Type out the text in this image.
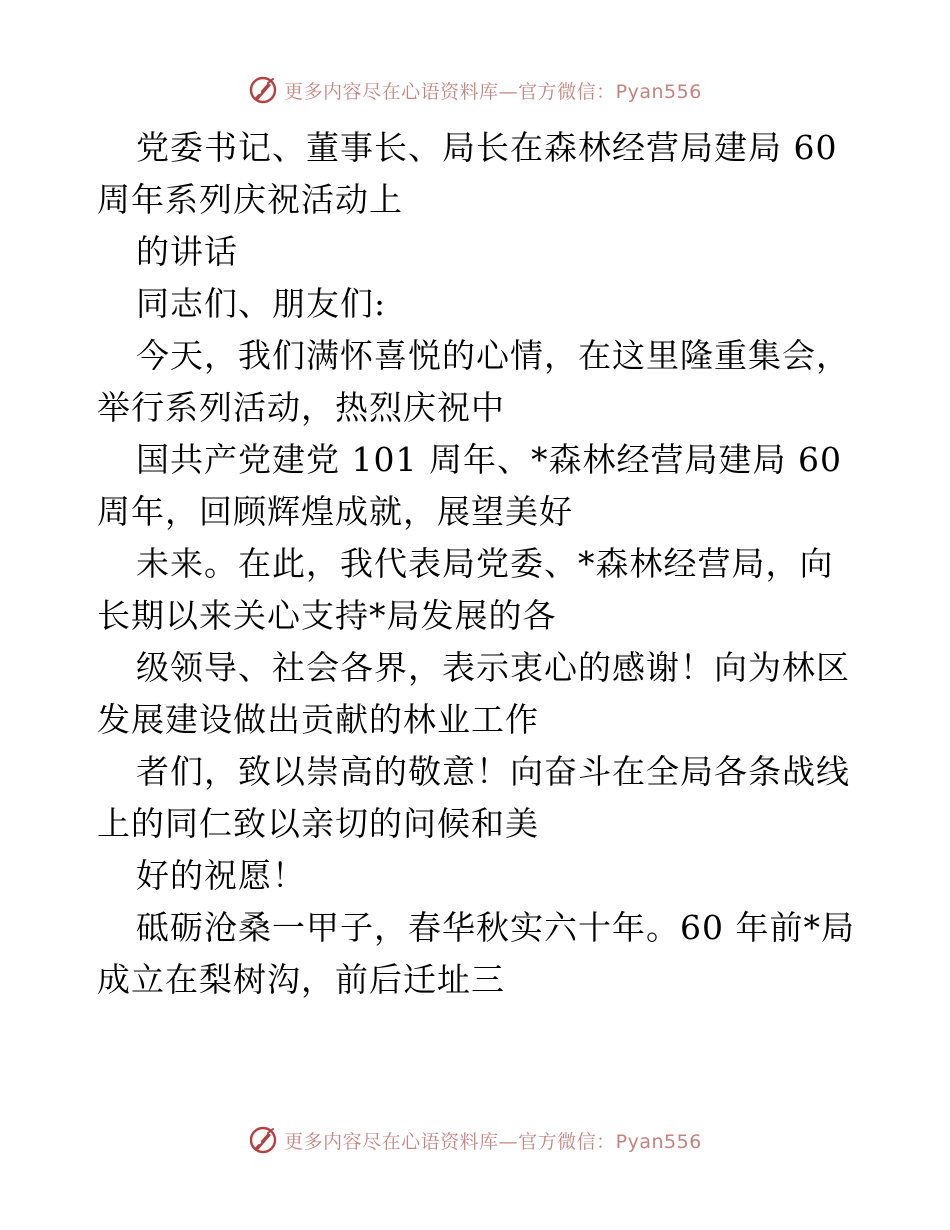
更多内容尽在心语资料库—官方微信：Pyan556
党委书记、董事长、局长在森林经营局建局 60
周年系列庆祝活动上
的讲话
同志们、朋友们:
今天，我们满怀喜悦的心情，在这里隆重集会，
举行系列活动，热烈庆祝中
国共产党建党 101 周年、*森林经营局建局 60
周年，回顾辉煌成就，展望美好
未来。在此，我代表局党委、*森林经营局，向
长期以来关心支持*局发展的各
级领导、社会各界，表示衷心的感谢！向为林区
发展建设做出贡献的林业工作
者们，致以崇高的敬意！向奋斗在全局各条战线
上的同仁致以亲切的问候和美
好的祝愿！
砥砺沧桑一甲子，春华秋实六十年。60 年前*局
成立在梨树沟，前后迁址三
更多内容尽在心语资料库—官方微信：Pyan556
